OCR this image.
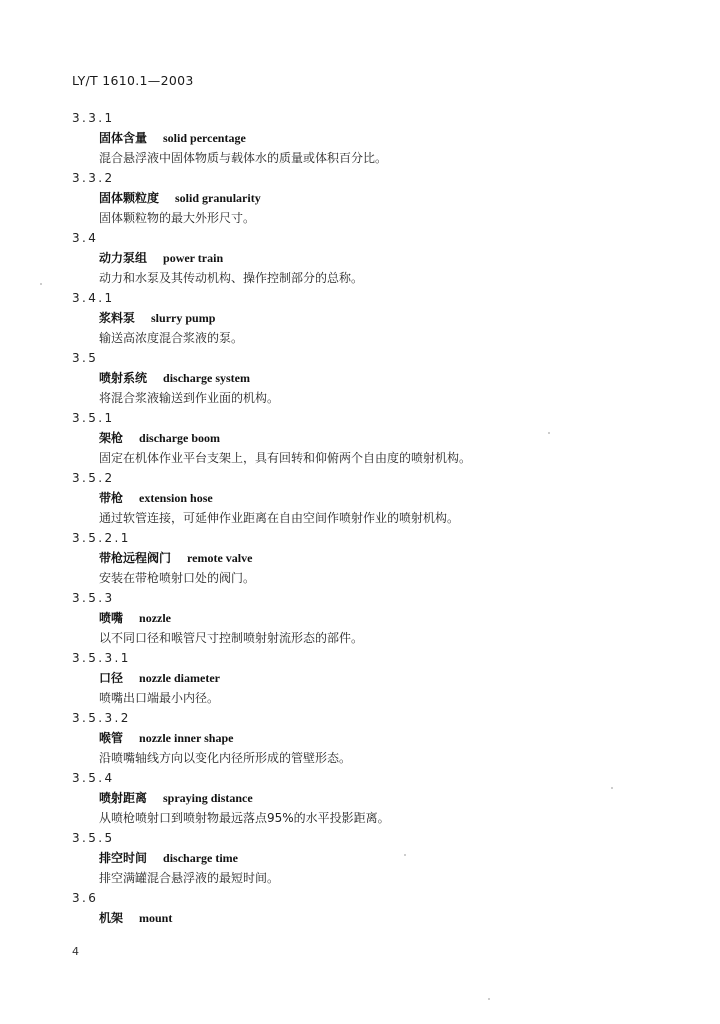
LY/T 1610.1—2003
3.3.1
固体含量 solid percentage
混合悬浮液中固体物质与载体水的质量或体积百分比。
3.3.2
固体颗粒度 solid granularity
固体颗粒物的最大外形尺寸。
3.4
动力泵组 power train
动力和水泵及其传动机构、操作控制部分的总称。
3.4.1
浆料泵 slurry pump
输送高浓度混合浆液的泵。
3.5
喷射系统 discharge system
将混合浆液输送到作业面的机构。
3.5.1
架枪 discharge boom
固定在机体作业平台支架上，具有回转和仰俯两个自由度的喷射机构。
3.5.2
带枪 extension hose
通过软管连接，可延伸作业距离在自由空间作喷射作业的喷射机构。
3.5.2.1
带枪远程阀门 remote valve
安装在带枪喷射口处的阀门。
3.5.3
喷嘴 nozzle
以不同口径和喉管尺寸控制喷射射流形态的部件。
3.5.3.1
口径 nozzle diameter
喷嘴出口端最小内径。
3.5.3.2
喉管 nozzle inner shape
沿喷嘴轴线方向以变化内径所形成的管壁形态。
3.5.4
喷射距离 spraying distance
从喷枪喷射口到喷射物最远落点95%的水平投影距离。
3.5.5
排空时间 discharge time
排空满罐混合悬浮液的最短时间。
3.6
机架 mount
4
